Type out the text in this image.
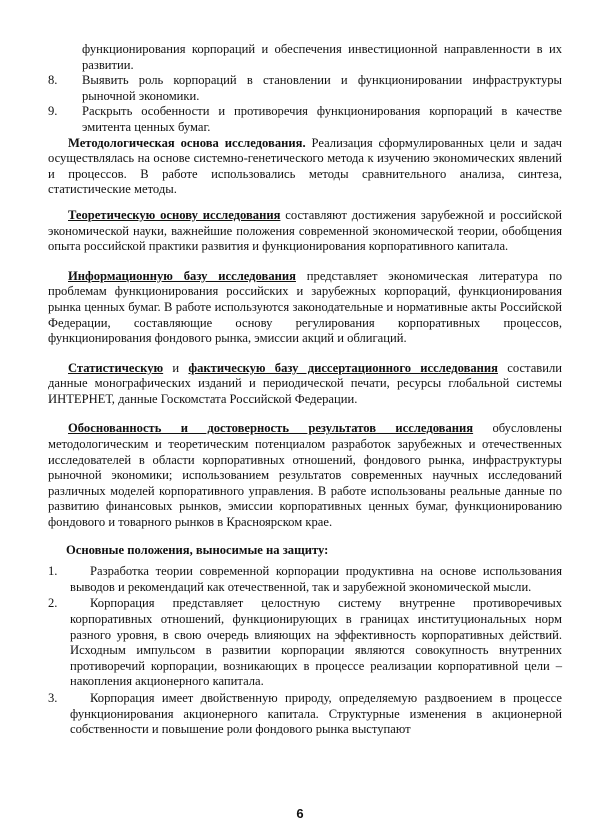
функционирования корпораций и обеспечения инвестиционной направленности в их развитии.
8.	Выявить роль корпораций в становлении и функционировании инфраструктуры рыночной экономики.
9.	Раскрыть особенности и противоречия функционирования корпораций в качестве эмитента ценных бумаг.

Методологическая основа исследования. Реализация сформулированных цели и задач осуществлялась на основе системно-генетического метода к изучению экономических явлений и процессов. В работе использовались методы сравнительного анализа, синтеза, статистические методы.

Теоретическую основу исследования составляют достижения зарубежной и российской экономической науки, важнейшие положения современной экономической теории, обобщения опыта российской практики развития и функционирования корпоративного капитала.

Информационную базу исследования представляет экономическая литература по проблемам функционирования российских и зарубежных корпораций, функционирования рынка ценных бумаг. В работе используются законодательные и нормативные акты Российской Федерации, составляющие основу регулирования корпоративных процессов, функционирования фондового рынка, эмиссии акций и облигаций.

Статистическую и фактическую базу диссертационного исследования составили данные монографических изданий и периодической печати, ресурсы глобальной системы ИНТЕРНЕТ, данные Госкомстата Российской Федерации.

Обоснованность и достоверность результатов исследования обусловлены методологическим и теоретическим потенциалом разработок зарубежных и отечественных исследователей в области корпоративных отношений, фондового рынка, инфраструктуры рыночной экономики; использованием результатов современных научных исследований различных моделей корпоративного управления. В работе использованы реальные данные по развитию финансовых рынков, эмиссии корпоративных ценных бумаг, функционированию фондового и товарного рынков в Красноярском крае.

Основные положения, выносимые на защиту:
1.	Разработка теории современной корпорации продуктивна на основе использования выводов и рекомендаций как отечественной, так и зарубежной экономической мысли.
2.	Корпорация представляет целостную систему внутренне противоречивых корпоративных отношений, функционирующих в границах институциональных норм разного уровня, в свою очередь влияющих на эффективность корпоративных действий. Исходным импульсом в развитии корпорации являются совокупность внутренних противоречий корпорации, возникающих в процессе реализации корпоративной цели – накопления акционерного капитала.
3.	Корпорация имеет двойственную природу, определяемую раздвоением в процессе функционирования акционерного капитала. Структурные изменения в акционерной собственности и повышение роли фондового рынка выступают
6
